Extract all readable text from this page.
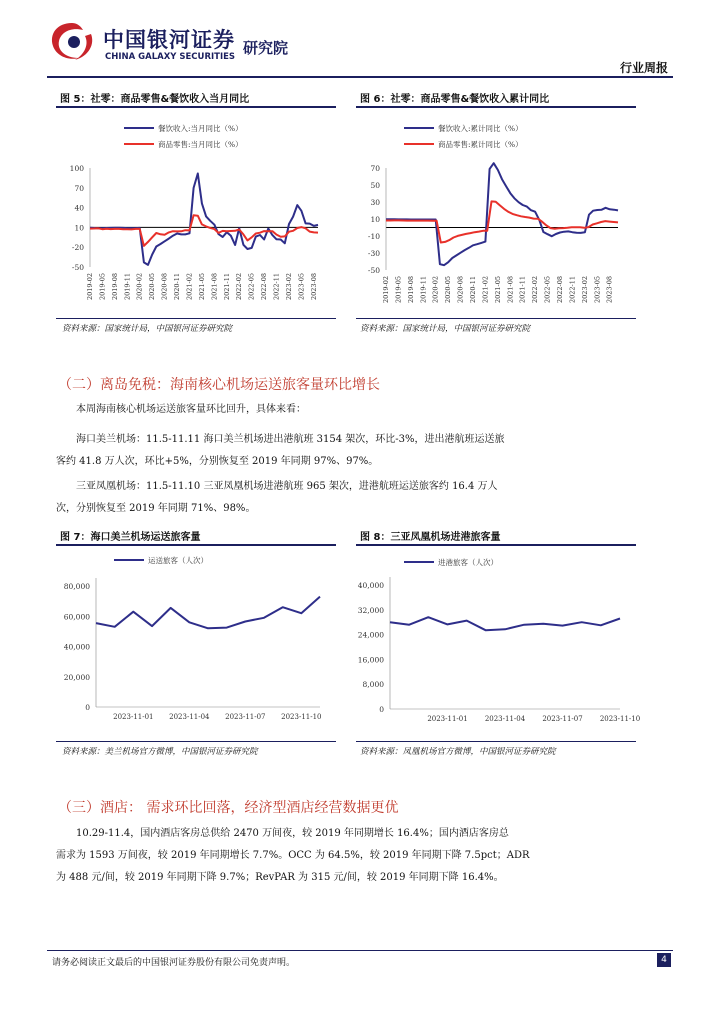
中国银河证券
CHINA GALAXY SECURITIES 研究院
行业周报
图 5：社零：商品零售&餐饮收入当月同比	图 6：社零：商品零售&餐饮收入累计同比
餐饮收入:当月同比（%）
商品零售:当月同比（%）
100
70
40
10
-20
-50
2019-02 2019-05 2019-08 2019-11 2020-02 2020-05 2020-08 2020-11 2021-02 2021-05 2021-08 2021-11 2022-02 2022-05 2022-08 2022-11 2023-02 2023-05 2023-08
餐饮收入:累计同比（%）
商品零售:累计同比（%）
70
50
30
10
-10
-30
-50
2019-02 2019-05 2019-08 2019-11 2020-02 2020-05 2020-08 2020-11 2021-02 2021-05 2021-08 2021-11 2022-02 2022-05 2022-08 2022-11 2023-02 2023-05 2023-08
资料来源：国家统计局，中国银河证券研究院	资料来源：国家统计局，中国银河证券研究院
（二）离岛免税：海南核心机场运送旅客量环比增长
本周海南核心机场运送旅客量环比回升，具体来看：
海口美兰机场：11.5-11.11 海口美兰机场进出港航班 3154 架次，环比-3%，进出港航班运送旅
客约 41.8 万人次，环比+5%，分别恢复至 2019 年同期 97%、97%。
三亚凤凰机场：11.5-11.10 三亚凤凰机场进港航班 965 架次，进港航班运送旅客约 16.4 万人
次，分别恢复至 2019 年同期 71%、98%。
图 7：海口美兰机场运送旅客量	图 8：三亚凤凰机场进港旅客量
运送旅客（人次）
80,000
60,000
40,000
20,000
0
2023-11-01 2023-11-04 2023-11-07 2023-11-10
进港旅客（人次）
40,000
32,000
24,000
16,000
8,000
0
2023-11-01 2023-11-04 2023-11-07 2023-11-10
资料来源：美兰机场官方微博，中国银河证券研究院	资料来源：凤凰机场官方微博，中国银河证券研究院
（三）酒店： 需求环比回落，经济型酒店经营数据更优
10.29-11.4，国内酒店客房总供给 2470 万间夜，较 2019 年同期增长 16.4%；国内酒店客房总
需求为 1593 万间夜，较 2019 年同期增长 7.7%。OCC 为 64.5%，较 2019 年同期下降 7.5pct；ADR
为 488 元/间，较 2019 年同期下降 9.7%；RevPAR 为 315 元/间，较 2019 年同期下降 16.4%。
请务必阅读正文最后的中国银河证券股份有限公司免责声明。	4
